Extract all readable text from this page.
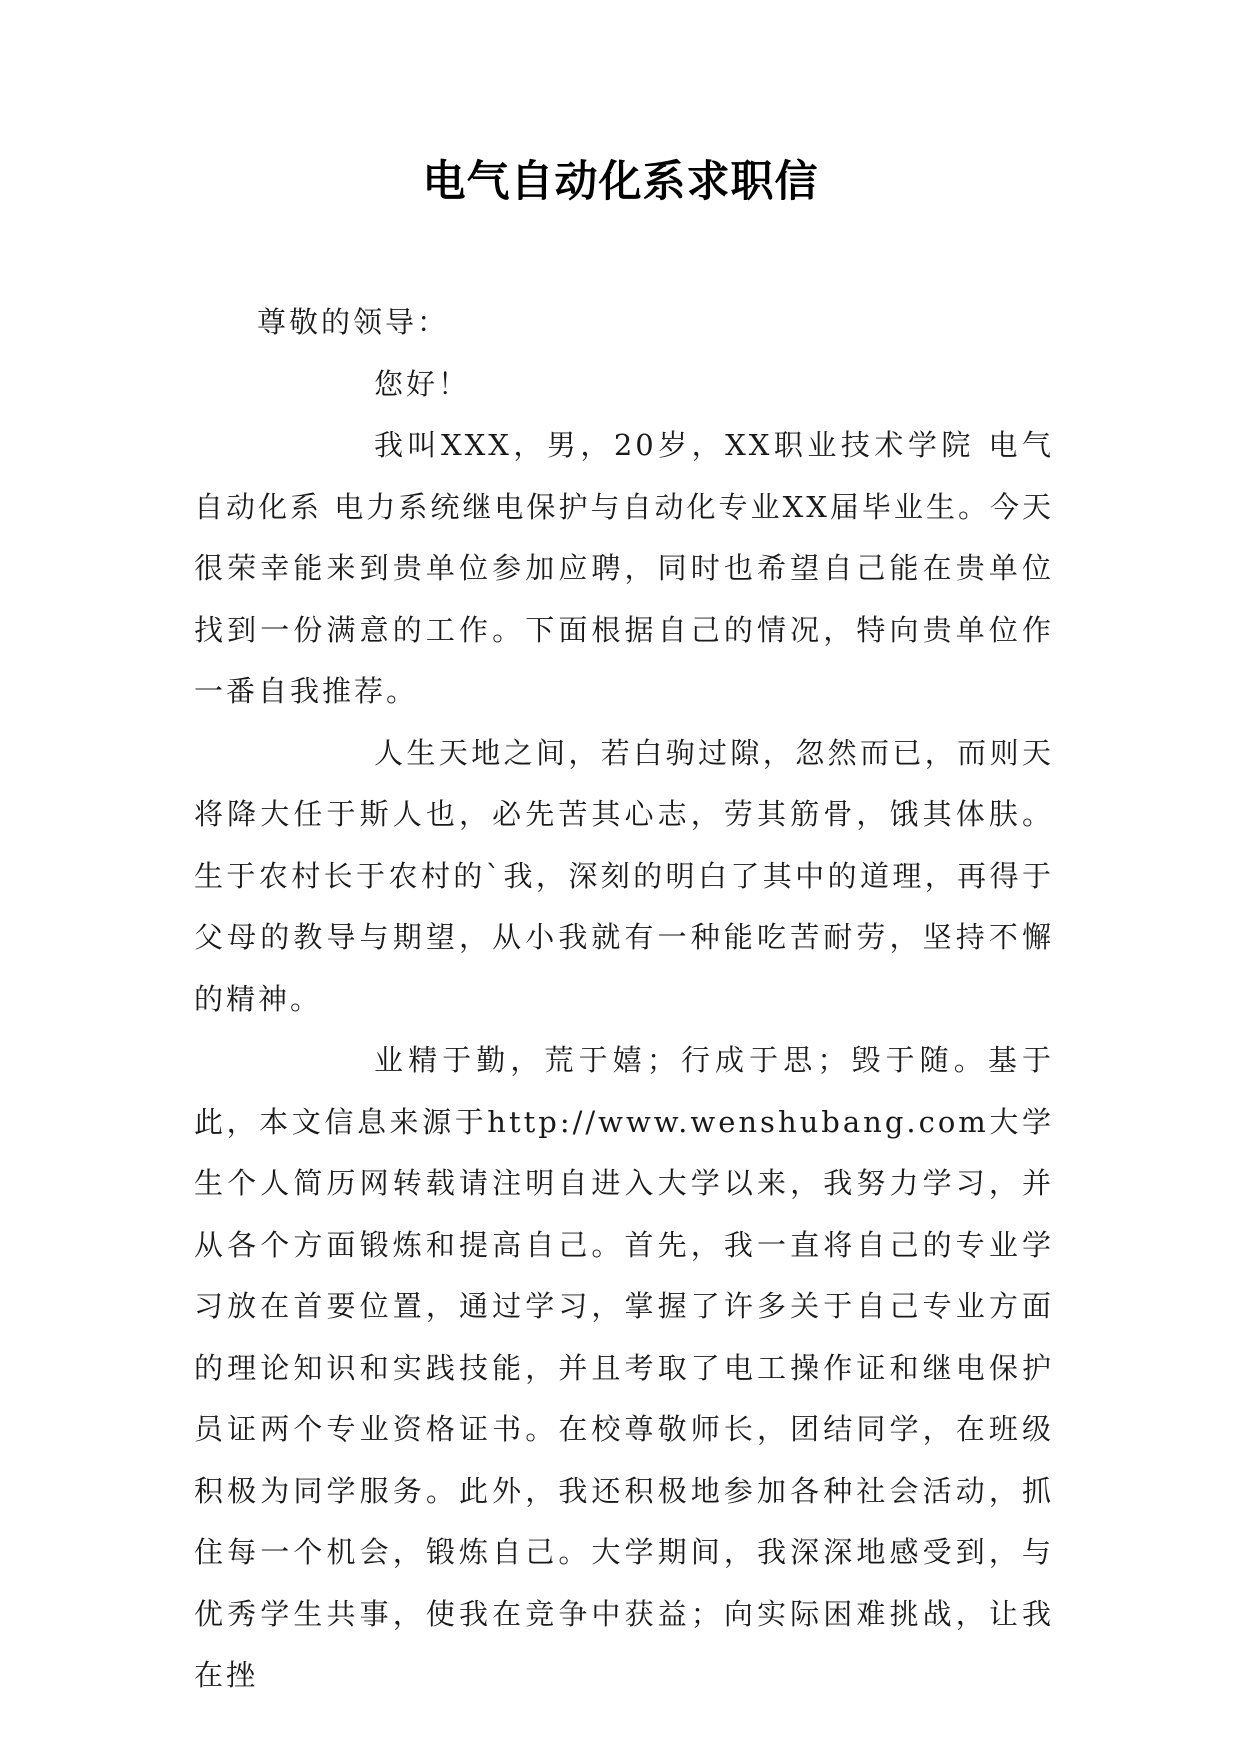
电气自动化系求职信

尊敬的领导：

您好！

我叫XXX，男，20岁，XX职业技术学院 电气自动化系 电力系统继电保护与自动化专业XX届毕业生。今天很荣幸能来到贵单位参加应聘，同时也希望自己能在贵单位找到一份满意的工作。下面根据自己的情况，特向贵单位作一番自我推荐。

人生天地之间，若白驹过隙，忽然而已，而则天将降大任于斯人也，必先苦其心志，劳其筋骨，饿其体肤。生于农村长于农村的`我，深刻的明白了其中的道理，再得于父母的教导与期望，从小我就有一种能吃苦耐劳，坚持不懈的精神。

业精于勤，荒于嬉；行成于思；毁于随。基于此，本文信息来源于http://www.wenshubang.com大学生个人简历网转载请注明自进入大学以来，我努力学习，并从各个方面锻炼和提高自己。首先，我一直将自己的专业学习放在首要位置，通过学习，掌握了许多关于自己专业方面的理论知识和实践技能，并且考取了电工操作证和继电保护员证两个专业资格证书。在校尊敬师长，团结同学，在班级积极为同学服务。此外，我还积极地参加各种社会活动，抓住每一个机会，锻炼自己。大学期间，我深深地感受到，与优秀学生共事，使我在竞争中获益；向实际困难挑战，让我在挫
